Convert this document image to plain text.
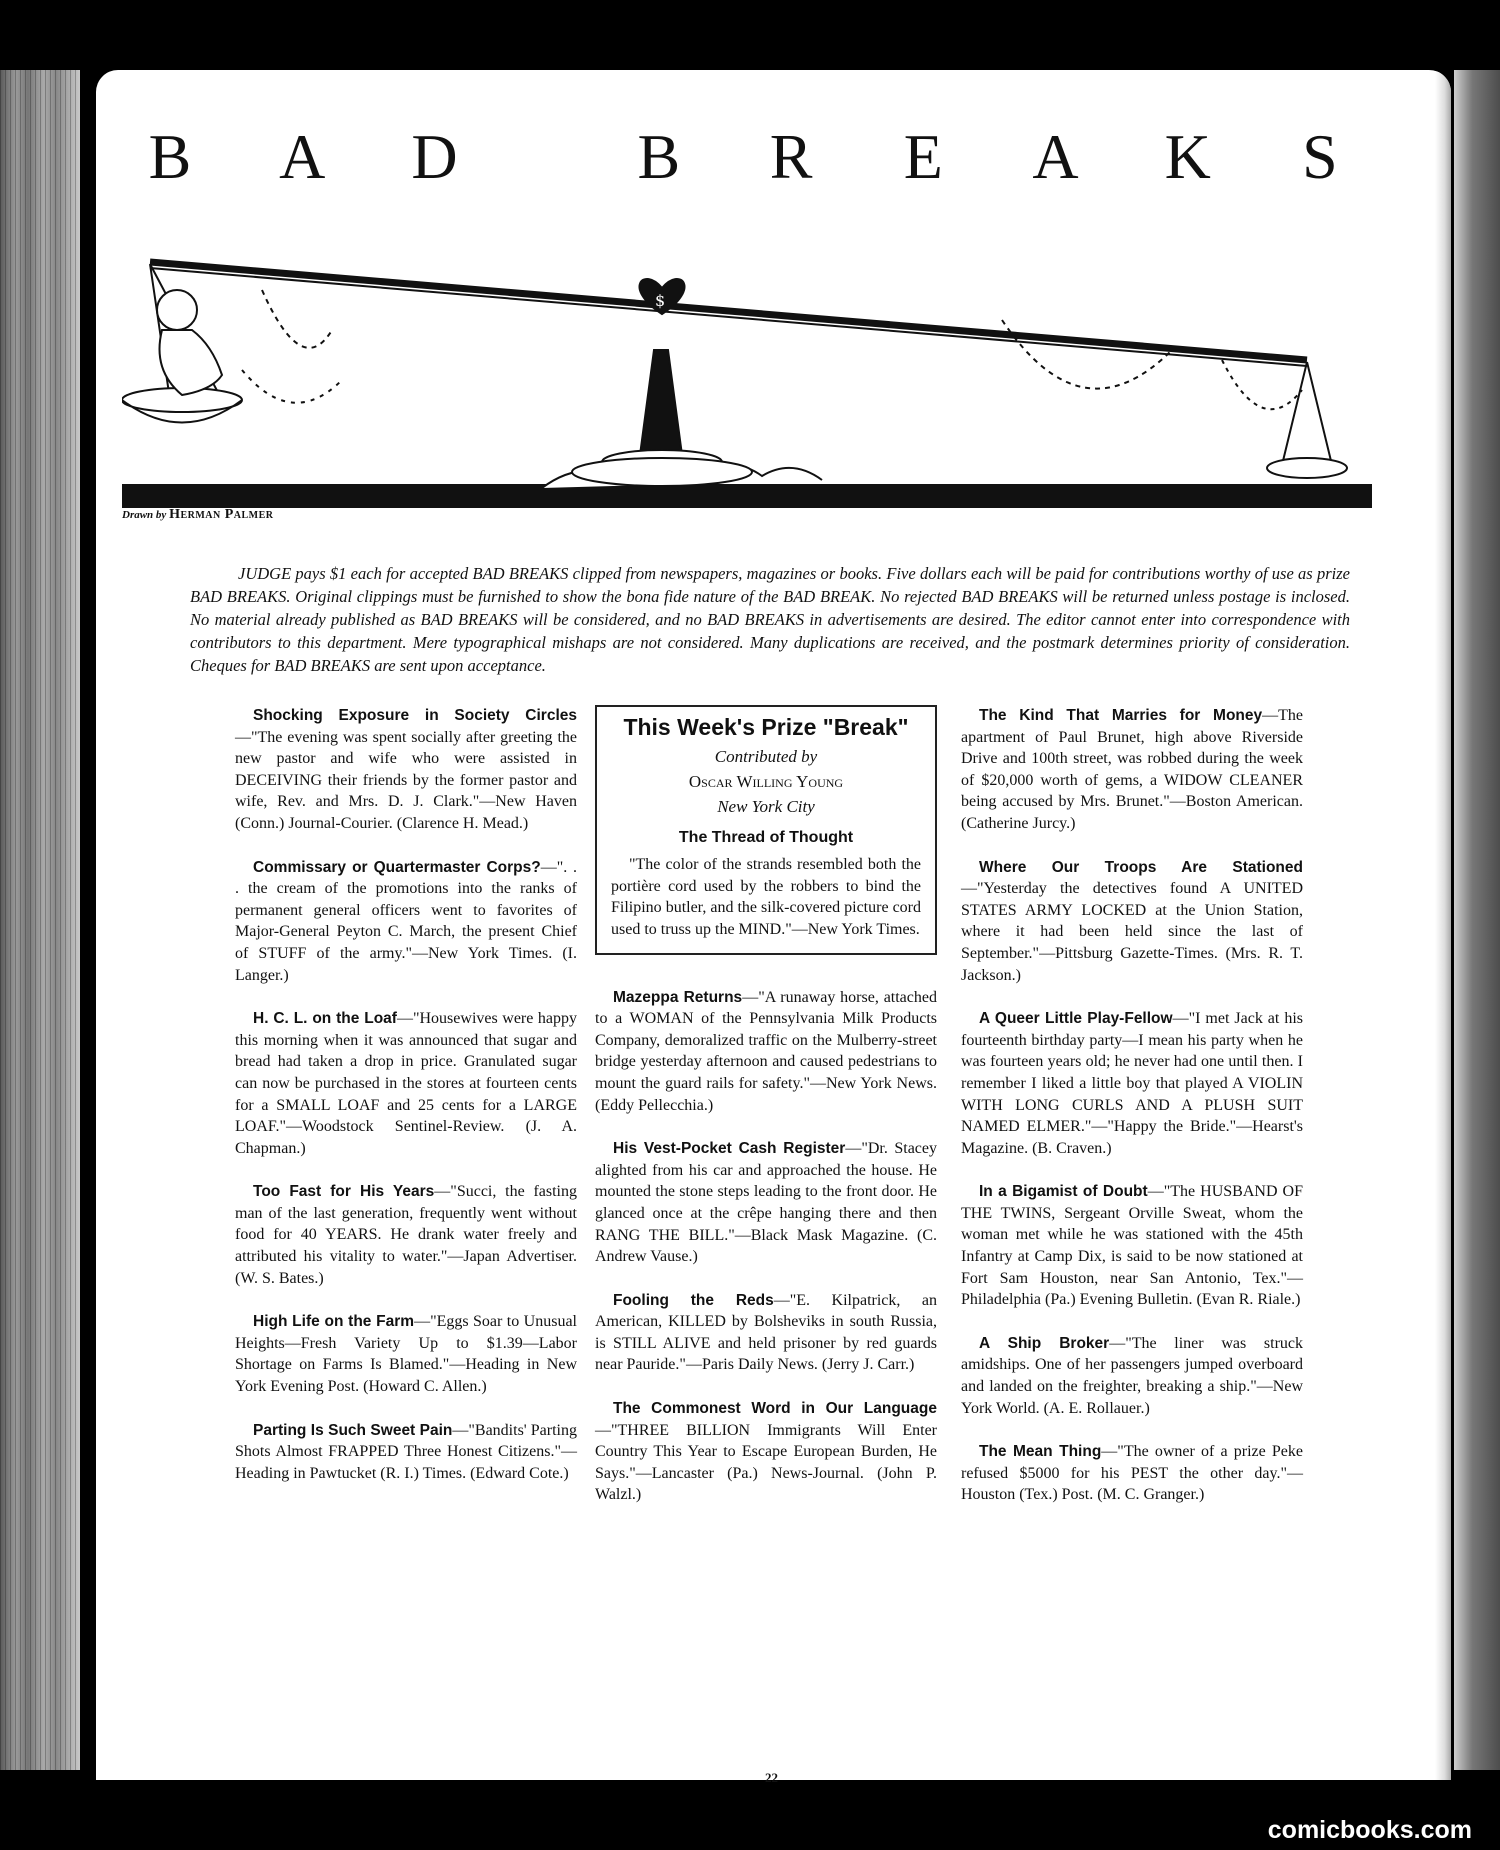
B	A	D	B	R	E	A	K	S
$
Drawn by Herman Palmer

JUDGE pays $1 each for accepted BAD BREAKS clipped from newspapers, magazines or books. Five dollars each will be paid for contributions worthy of use as prize BAD BREAKS. Original clippings must be furnished to show the bona fide nature of the BAD BREAK. No rejected BAD BREAKS will be returned unless postage is inclosed. No material already published as BAD BREAKS will be considered, and no BAD BREAKS in advertisements are desired. The editor cannot enter into correspondence with contributors to this department. Mere typographical mishaps are not considered. Many duplications are received, and the postmark determines priority of consideration. Cheques for BAD BREAKS are sent upon acceptance.

Shocking Exposure in Society Circles—"The evening was spent socially after greeting the new pastor and wife who were assisted in DECEIVING their friends by the former pastor and wife, Rev. and Mrs. D. J. Clark."—New Haven (Conn.) Journal-Courier. (Clarence H. Mead.)

Commissary or Quartermaster Corps?—". . . the cream of the promotions into the ranks of permanent general officers went to favorites of Major-General Peyton C. March, the present Chief of STUFF of the army."—New York Times. (I. Langer.)

H. C. L. on the Loaf—"Housewives were happy this morning when it was announced that sugar and bread had taken a drop in price. Granulated sugar can now be purchased in the stores at fourteen cents for a SMALL LOAF and 25 cents for a LARGE LOAF."—Woodstock Sentinel-Review. (J. A. Chapman.)

Too Fast for His Years—"Succi, the fasting man of the last generation, frequently went without food for 40 YEARS. He drank water freely and attributed his vitality to water."—Japan Advertiser. (W. S. Bates.)

High Life on the Farm—"Eggs Soar to Unusual Heights—Fresh Variety Up to $1.39—Labor Shortage on Farms Is Blamed."—Heading in New York Evening Post. (Howard C. Allen.)

Parting Is Such Sweet Pain—"Bandits' Parting Shots Almost FRAPPED Three Honest Citizens."—Heading in Pawtucket (R. I.) Times. (Edward Cote.)

This Week's Prize "Break"
Contributed by
Oscar Willing Young
New York City
The Thread of Thought
"The color of the strands resembled both the portière cord used by the robbers to bind the Filipino butler, and the silk-covered picture cord used to truss up the MIND."—New York Times.

Mazeppa Returns—"A runaway horse, attached to a WOMAN of the Pennsylvania Milk Products Company, demoralized traffic on the Mulberry-street bridge yesterday afternoon and caused pedestrians to mount the guard rails for safety."—New York News. (Eddy Pellecchia.)

His Vest-Pocket Cash Register—"Dr. Stacey alighted from his car and approached the house. He mounted the stone steps leading to the front door. He glanced once at the crêpe hanging there and then RANG THE BILL."—Black Mask Magazine. (C. Andrew Vause.)

Fooling the Reds—"E. Kilpatrick, an American, KILLED by Bolsheviks in south Russia, is STILL ALIVE and held prisoner by red guards near Pauride."—Paris Daily News. (Jerry J. Carr.)

The Commonest Word in Our Language—"THREE BILLION Immigrants Will Enter Country This Year to Escape European Burden, He Says."—Lancaster (Pa.) News-Journal. (John P. Walzl.)

The Kind That Marries for Money—The apartment of Paul Brunet, high above Riverside Drive and 100th street, was robbed during the week of $20,000 worth of gems, a WIDOW CLEANER being accused by Mrs. Brunet."—Boston American. (Catherine Jurcy.)

Where Our Troops Are Stationed—"Yesterday the detectives found A UNITED STATES ARMY LOCKED at the Union Station, where it had been held since the last of September."—Pittsburg Gazette-Times. (Mrs. R. T. Jackson.)

A Queer Little Play-Fellow—"I met Jack at his fourteenth birthday party—I mean his party when he was fourteen years old; he never had one until then. I remember I liked a little boy that played A VIOLIN WITH LONG CURLS AND A PLUSH SUIT NAMED ELMER."—"Happy the Bride."—Hearst's Magazine. (B. Craven.)

In a Bigamist of Doubt—"The HUSBAND OF THE TWINS, Sergeant Orville Sweat, whom the woman met while he was stationed with the 45th Infantry at Camp Dix, is said to be now stationed at Fort Sam Houston, near San Antonio, Tex."—Philadelphia (Pa.) Evening Bulletin. (Evan R. Riale.)

A Ship Broker—"The liner was struck amidships. One of her passengers jumped overboard and landed on the freighter, breaking a ship."—New York World. (A. E. Rollauer.)

The Mean Thing—"The owner of a prize Peke refused $5000 for his PEST the other day."—Houston (Tex.) Post. (M. C. Granger.)

22
comicbooks.com
